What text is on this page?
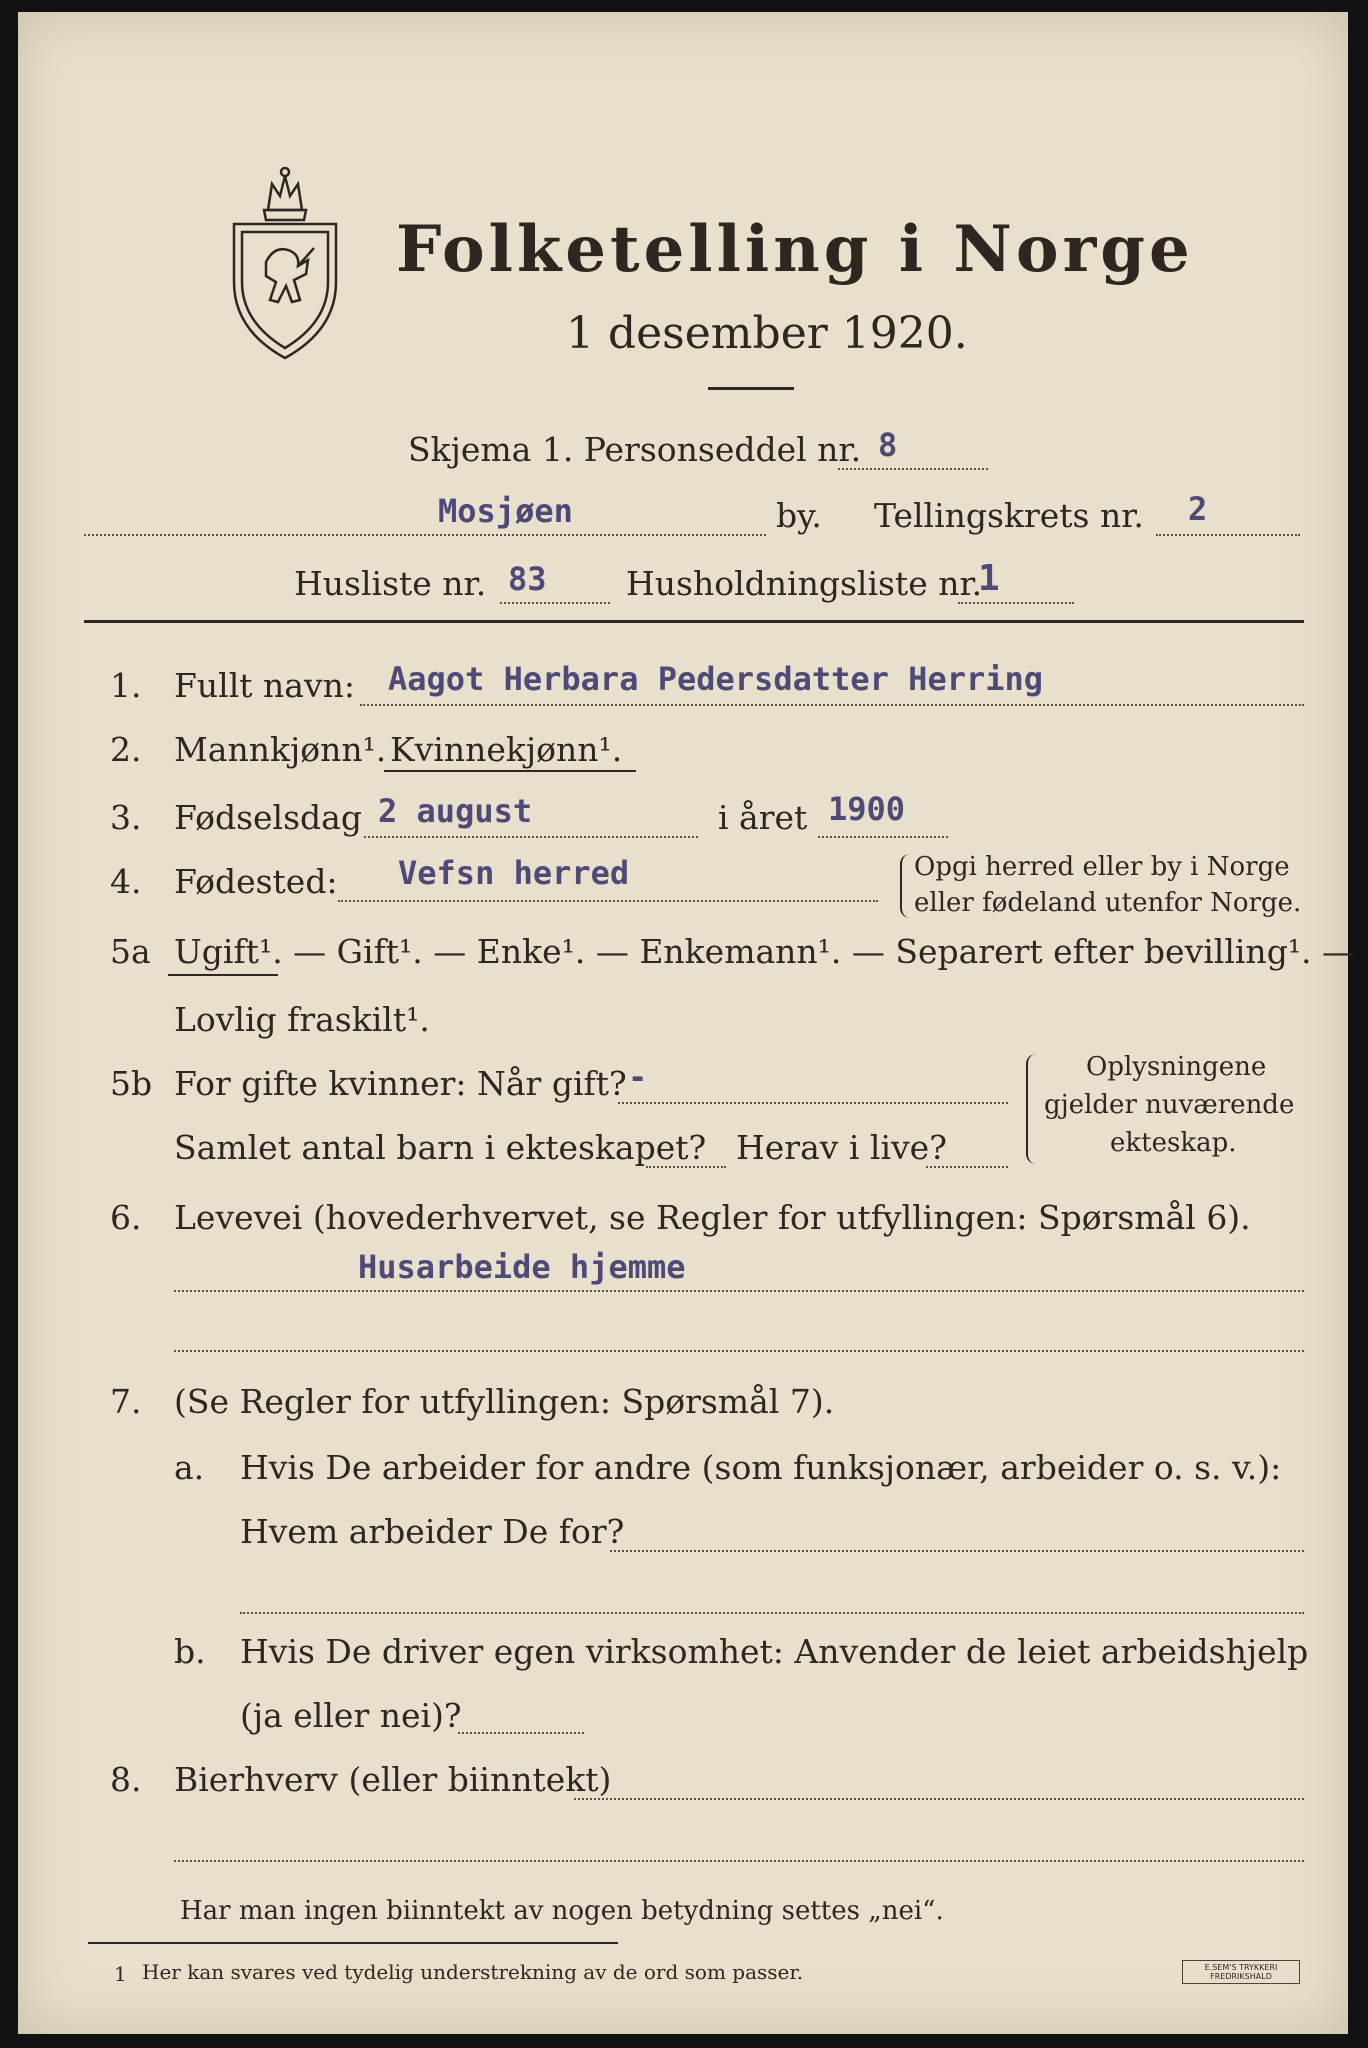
Folketelling i Norge
1 desember 1920.
Skjema 1. Personseddel nr. 8
Mosjøen	by. Tellingskrets nr. 2
Husliste nr. 83 Husholdningsliste nr.
1
1. Fullt navn: Aagot Herbara Pedersdatter Herring
2. Mannkjønn¹. Kvinnekjønn¹.
3. Fødselsdag 2 august	i året 1900
4. Fødested: Vefsn herred	Opgi herred eller by i Norge
eller fødeland utenfor Norge.
5a Ugift¹. — Gift¹. — Enke¹. — Enkemann¹. — Separert efter bevilling¹. —
Lovlig fraskilt¹.
5b For gifte kvinner: Når gift? -
Samlet antal barn i ekteskapet? Herav i live?
Oplysningene
gjelder nuværende
ekteskap.
6. Levevei (hovederhvervet, se Regler for utfyllingen: Spørsmål 6).
Husarbeide hjemme
7. (Se Regler for utfyllingen: Spørsmål 7).
a. Hvis De arbeider for andre (som funksjonær, arbeider o. s. v.):
Hvem arbeider De for?
b. Hvis De driver egen virksomhet: Anvender de leiet arbeidshjelp
(ja eller nei)?
8. Bierhverv (eller biinntekt)
Har man ingen biinntekt av nogen betydning settes „nei“.
1 Her kan svares ved tydelig understrekning av de ord som passer.	E.SEM'S TRYKKERI
FREDRIKSHALD
